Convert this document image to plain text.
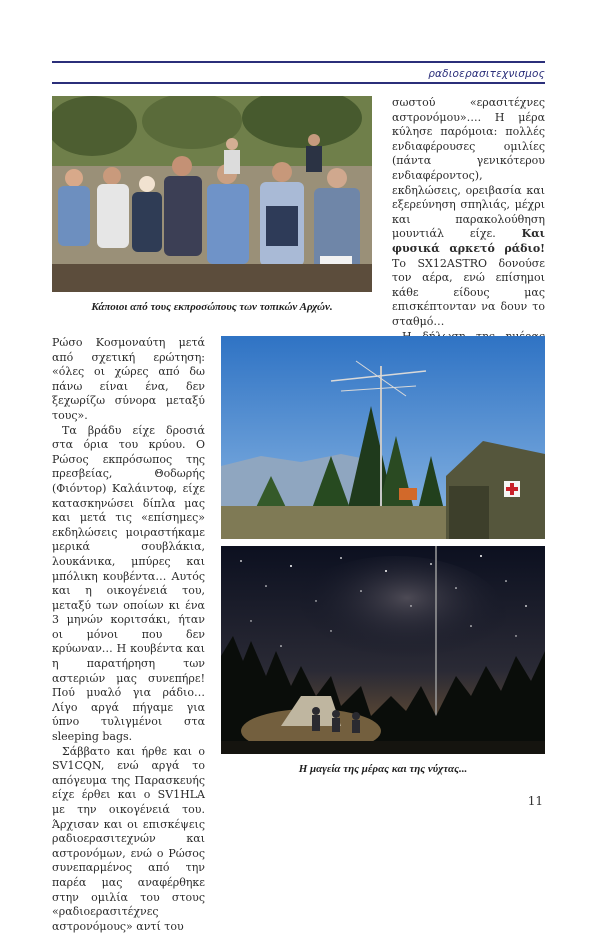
ραδιοερασιτεχνισμος
Κάποιοι από τους εκπροσώπους των τοπικών Αρχών.

σωστού «ερασιτέχνες αστρονόμου»…. Η μέρα κύλησε παρόμοια: πολλές ενδιαφέρουσες ομιλίες (πάντα γενικότερου ενδιαφέροντος), εκδηλώσεις, ορειβασία και εξερεύνηση σπηλιάς, μέχρι και παρακολούθηση μουντιάλ είχε. Και φυσικά αρκετό ράδιο! Το SX12ASTRO δονούσε τον αέρα, ενώ επίσημοι κάθε είδους μας επισκέπτονταν να δουν το σταθμό…

Ρώσο Κοσμοναύτη μετά από σχετική ερώτηση: «όλες οι χώρες από δω πάνω είναι ένα, δεν ξεχωρίζω σύνορα μεταξύ τους».

Τα βράδυ είχε δροσιά στα όρια του κρύου. Ο Ρώσος εκπρόσωπος της πρεσβείας, Θοδωρής (Φιόντορ) Καλάιντοφ, είχε κατασκηνώσει δίπλα μας και μετά τις «επίσημες» εκδηλώσεις μοιραστήκαμε μερικά σουβλάκια, λουκάνικα, μπύρες και μπόλικη κουβέντα… Αυτός και η οικογένειά του, μεταξύ των οποίων κι ένα 3 μηνών κοριτσάκι, ήταν οι μόνοι που δεν κρύωναν… Η κουβέντα και η παρατήρηση των αστεριών μας συνεπήρε! Πού μυαλό για ράδιο… Λίγο αργά πήγαμε για ύπνο τυλιγμένοι στα sleeping bags.

Σάββατο και ήρθε και ο SV1CQN, ενώ αργά το απόγευμα της Παρασκευής είχε έρθει και ο SV1HLA με την οικογένειά του. Άρχισαν και οι επισκέψεις ραδιοερασιτεχνών και αστρονόμων, ενώ ο Ρώσος συνεπαρμένος από την παρέα μας αναφέρθηκε στην ομιλία του στους «ραδιοερασιτέχνες αστρονόμους» αντί του

Η μαγεία της μέρας και της νύχτας...
11
